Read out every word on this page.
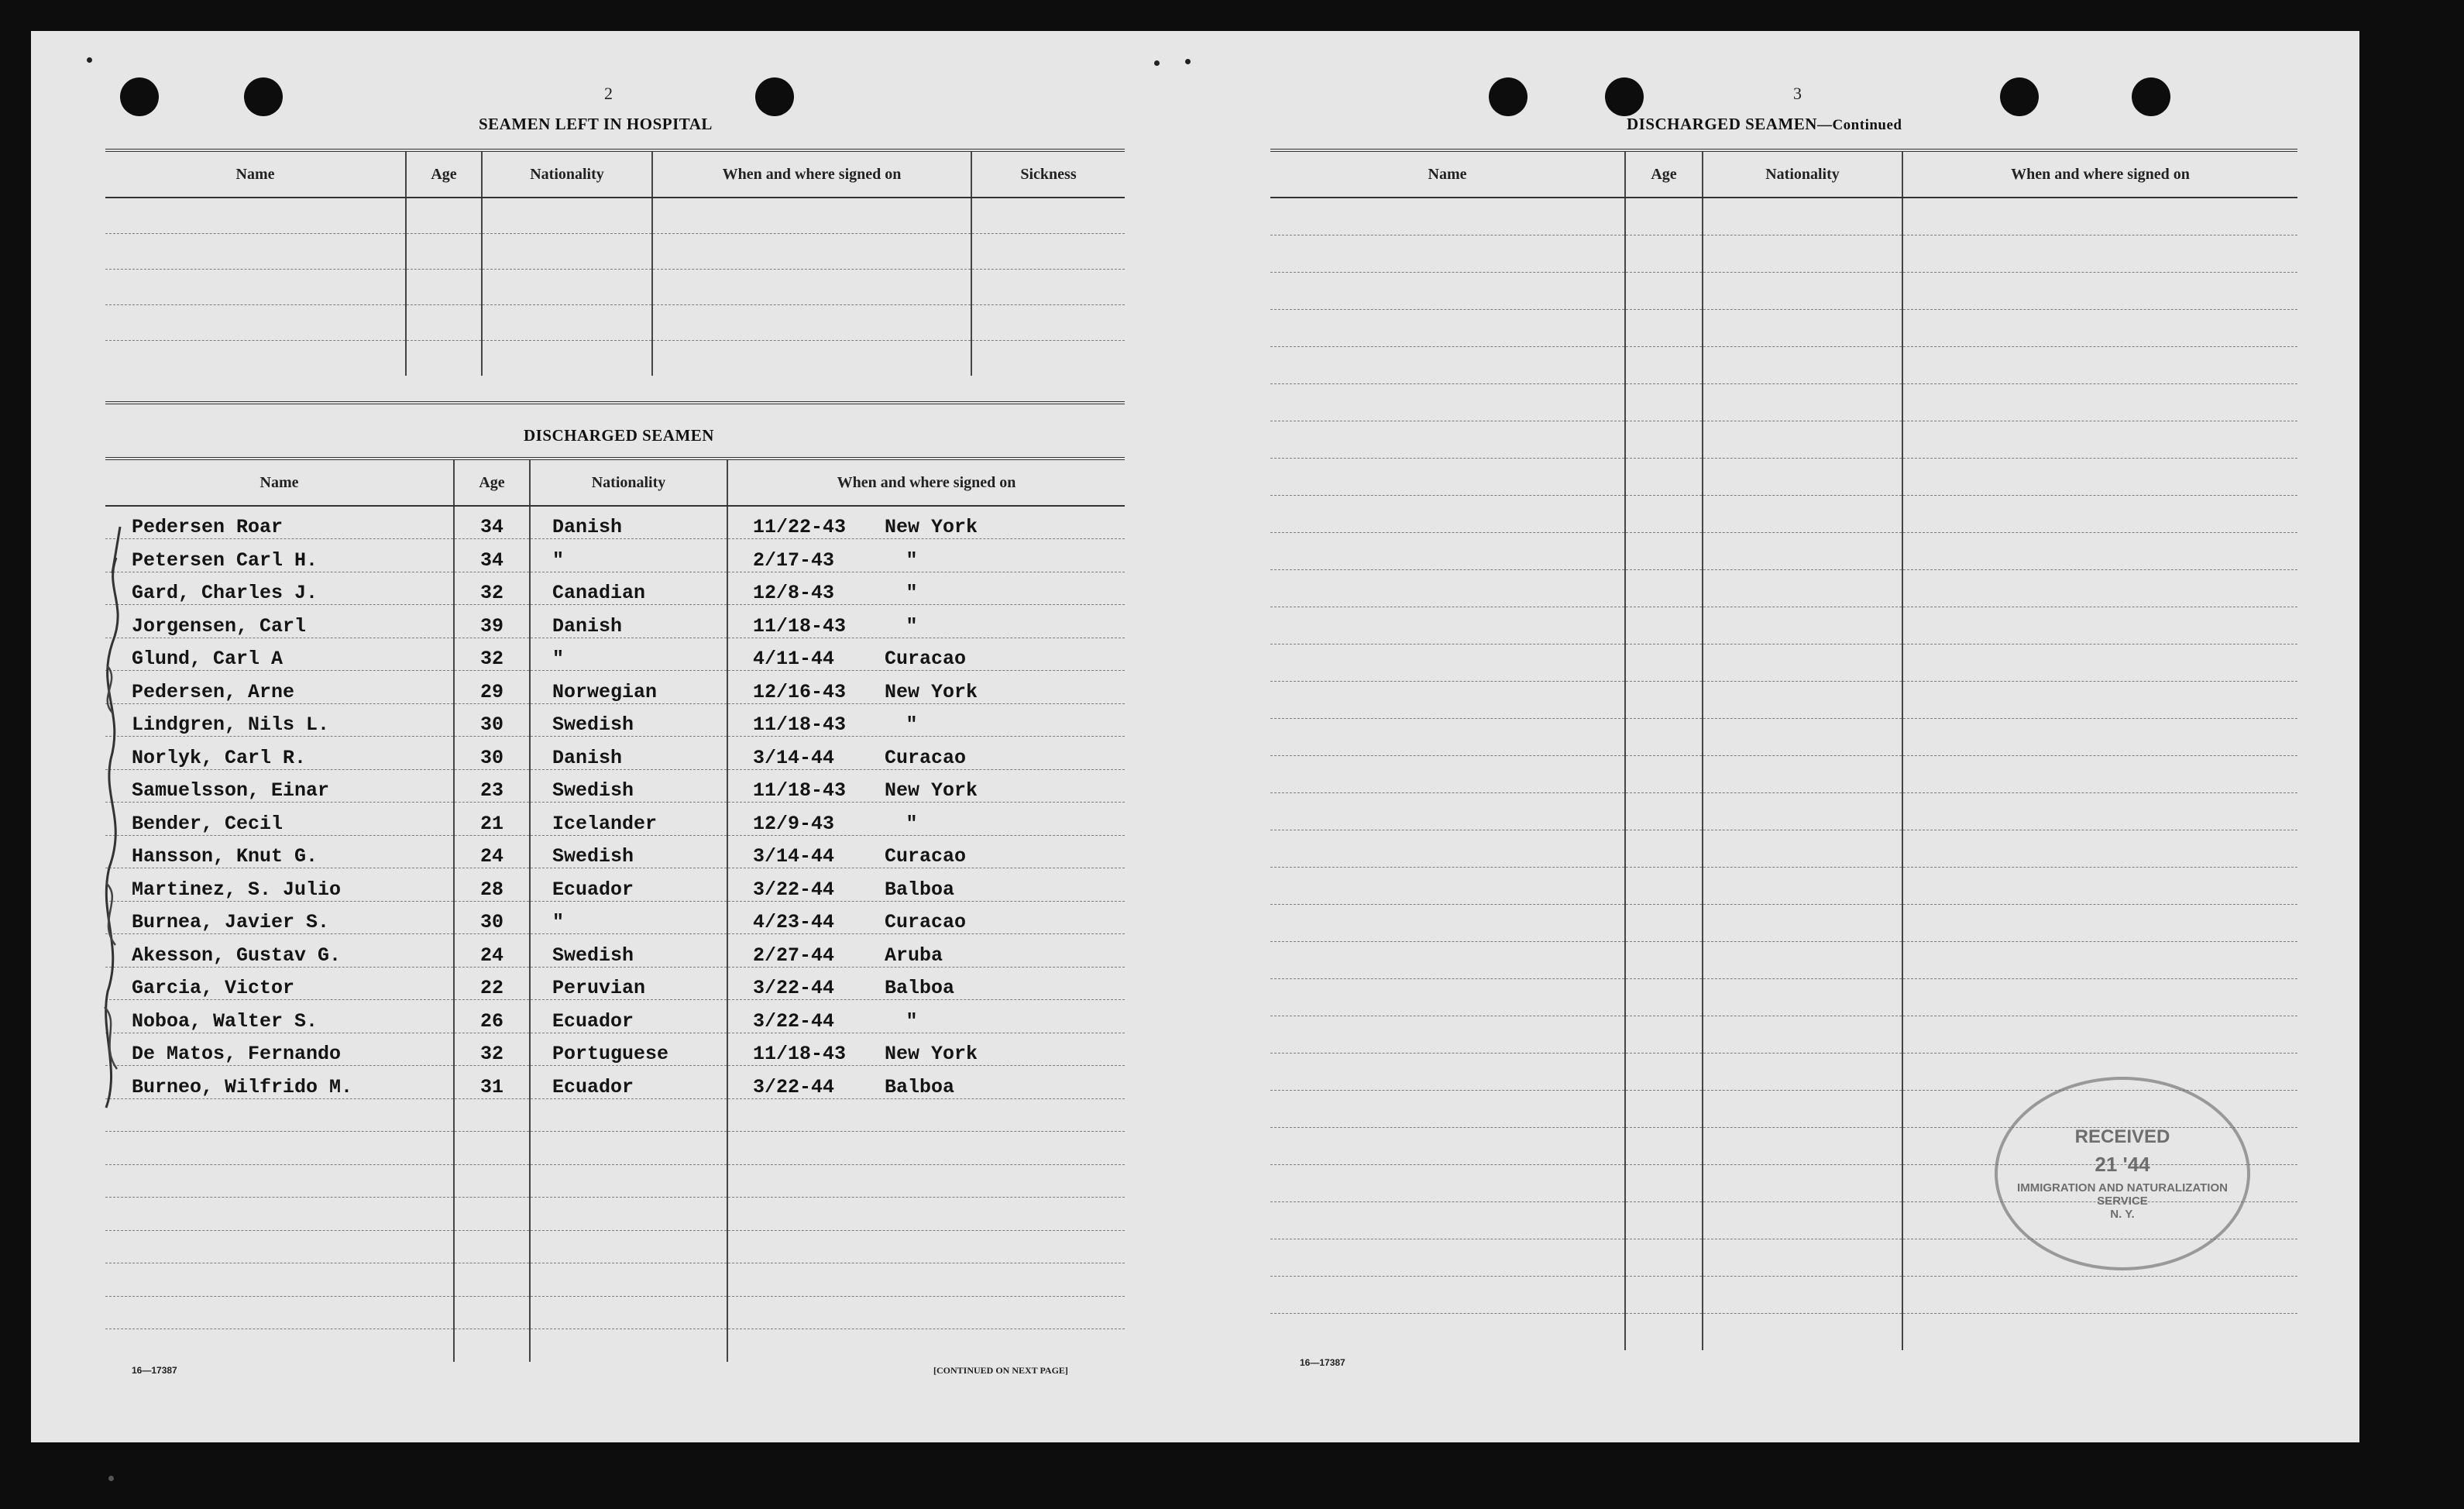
2
SEAMEN LEFT IN HOSPITAL
Name	Age	Nationality	When and where signed on	Sickness

DISCHARGED SEAMEN
Name	Age	Nationality	When and where signed on
Pedersen Roar	34	Danish	11/22-43 New York
Petersen Carl H.	34	"	2/17-43 "
Gard, Charles J.	32	Canadian	12/8-43 "
Jorgensen, Carl	39	Danish	11/18-43 "
Glund, Carl A	32	"	4/11-44 Curacao
Pedersen, Arne	29	Norwegian	12/16-43 New York
Lindgren, Nils L.	30	Swedish	11/18-43 "
Norlyk, Carl R.	30	Danish	3/14-44 Curacao
Samuelsson, Einar	23	Swedish	11/18-43 New York
Bender, Cecil	21	Icelander	12/9-43 "
Hansson, Knut G.	24	Swedish	3/14-44 Curacao
Martinez, S. Julio	28	Ecuador	3/22-44 Balboa
Burnea, Javier S.	30	"	4/23-44 Curacao
Akesson, Gustav G.	24	Swedish	2/27-44 Aruba
Garcia, Victor	22	Peruvian	3/22-44 Balboa
Noboa, Walter S.	26	Ecuador	3/22-44 "
De Matos, Fernando	32	Portuguese	11/18-43 New York
Burneo, Wilfrido M.	31	Ecuador	3/22-44 Balboa

16—17387	[CONTINUED ON NEXT PAGE]
3
DISCHARGED SEAMEN—Continued
Name	Age	Nationality	When and where signed on

16—17387
RECEIVED
21 '44
IMMIGRATION AND NATURALIZATION SERVICE
N. Y.
